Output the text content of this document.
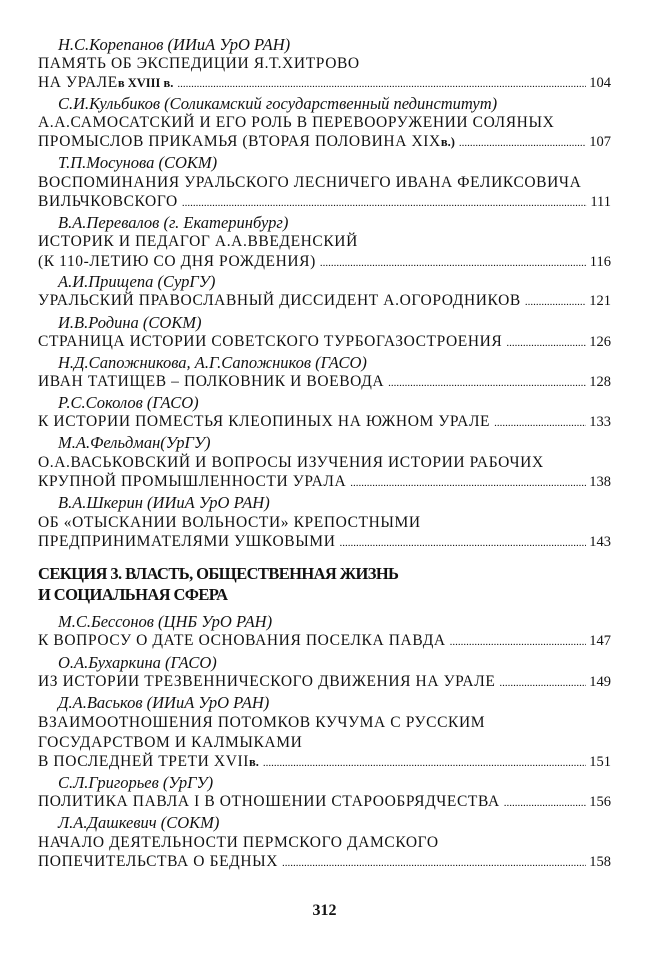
Н.С.Корепанов (ИИиА УрО РАН)
ПАМЯТЬ ОБ ЭКСПЕДИЦИИ Я.Т.ХИТРОВО
НА УРАЛЕ в XVIII в. .....	104
С.И.Кульбиков (Соликамский государственный пединститут)
А.А.САМОСАТСКИЙ И ЕГО РОЛЬ В ПЕРЕВООРУЖЕНИИ СОЛЯНЫХ
ПРОМЫСЛОВ ПРИКАМЬЯ (ВТОРАЯ ПОЛОВИНА XIX в.) .....	107
Т.П.Мосунова (СОКМ)
ВОСПОМИНАНИЯ УРАЛЬСКОГО ЛЕСНИЧЕГО ИВАНА ФЕЛИКСОВИЧА
ВИЛЬЧКОВСКОГО .....	111
В.А.Перевалов (г. Екатеринбург)
ИСТОРИК И ПЕДАГОГ А.А.ВВЕДЕНСКИЙ
(К 110-ЛЕТИЮ СО ДНЯ РОЖДЕНИЯ) .....	116
А.И.Прищепа (СурГУ)
УРАЛЬСКИЙ ПРАВОСЛАВНЫЙ ДИССИДЕНТ А.ОГОРОДНИКОВ .....	121
И.В.Родина (СОКМ)
СТРАНИЦА ИСТОРИИ СОВЕТСКОГО ТУРБОГАЗОСТРОЕНИЯ .....	126
Н.Д.Сапожникова, А.Г.Сапожников (ГАСО)
ИВАН ТАТИЩЕВ – ПОЛКОВНИК И ВОЕВОДА .....	128
Р.С.Соколов (ГАСО)
К ИСТОРИИ ПОМЕСТЬЯ КЛЕОПИНЫХ НА ЮЖНОМ УРАЛЕ .....	133
М.А.Фельдман(УрГУ)
О.А.ВАСЬКОВСКИЙ И ВОПРОСЫ ИЗУЧЕНИЯ ИСТОРИИ РАБОЧИХ
КРУПНОЙ ПРОМЫШЛЕННОСТИ УРАЛА .....	138
В.А.Шкерин (ИИиА УрО РАН)
ОБ «ОТЫСКАНИИ ВОЛЬНОСТИ» КРЕПОСТНЫМИ
ПРЕДПРИНИМАТЕЛЯМИ УШКОВЫМИ .....	143
СЕКЦИЯ 3. ВЛАСТЬ, ОБЩЕСТВЕННАЯ ЖИЗНЬ
И СОЦИАЛЬНАЯ СФЕРА
М.С.Бессонов (ЦНБ УрО РАН)
К ВОПРОСУ О ДАТЕ ОСНОВАНИЯ ПОСЕЛКА ПАВДА .....	147
О.А.Бухаркина (ГАСО)
ИЗ ИСТОРИИ ТРЕЗВЕННИЧЕСКОГО ДВИЖЕНИЯ НА УРАЛЕ .....	149
Д.А.Васьков (ИИиА УрО РАН)
ВЗАИМООТНОШЕНИЯ ПОТОМКОВ КУЧУМА С РУССКИМ
ГОСУДАРСТВОМ И КАЛМЫКАМИ
В ПОСЛЕДНЕЙ ТРЕТИ XVII в. .....	151
С.Л.Григорьев (УрГУ)
ПОЛИТИКА ПАВЛА I В ОТНОШЕНИИ СТАРООБРЯДЧЕСТВА .....	156
Л.А.Дашкевич (СОКМ)
НАЧАЛО ДЕЯТЕЛЬНОСТИ ПЕРМСКОГО ДАМСКОГО
ПОПЕЧИТЕЛЬСТВА О БЕДНЫХ .....	158
312
